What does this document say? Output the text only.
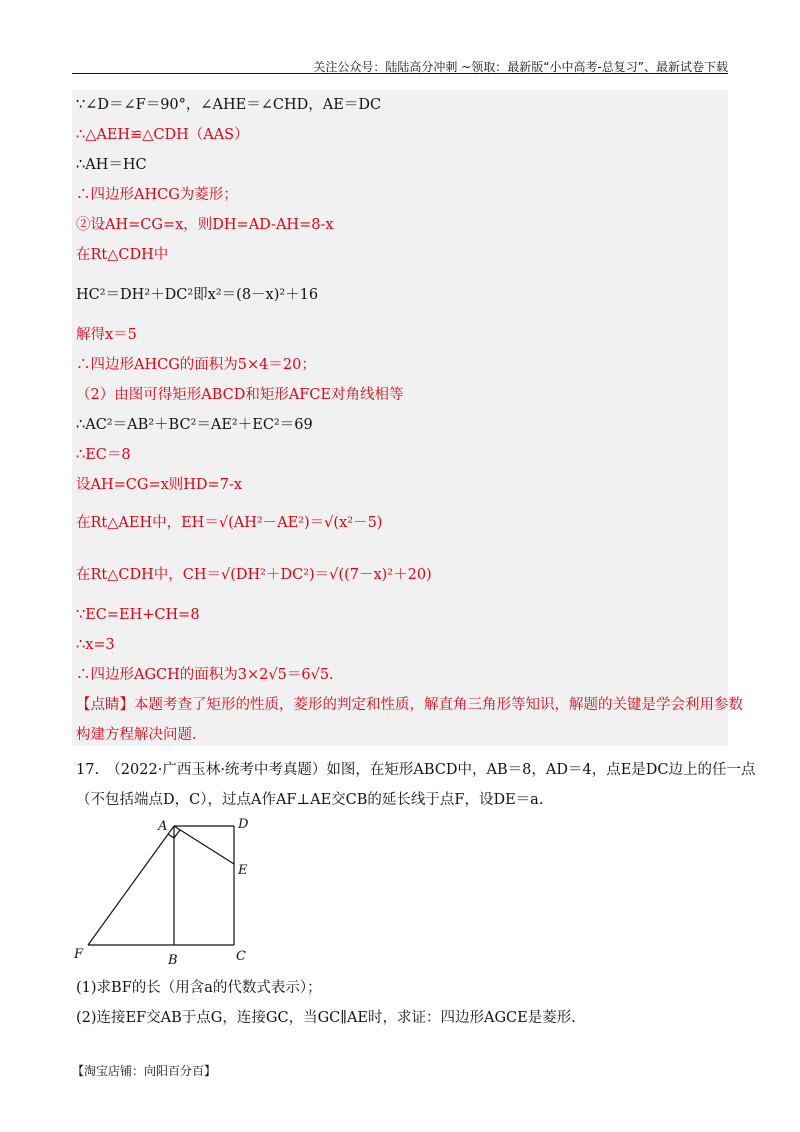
关注公众号：陆陆高分冲刺 ~领取：最新版“小中高考-总复习”、最新试卷下载
∵∠D＝∠F＝90°，∠AHE＝∠CHD，AE＝DC
∴△AEH≌△CDH（AAS）
∴AH＝HC
∴四边形AHCG为菱形；
②设AH=CG=x，则DH=AD-AH=8-x
在Rt△CDH中
HC²＝DH²＋DC²即x²＝(8－x)²＋16
解得x＝5
∴四边形AHCG的面积为5×4＝20；
（2）由图可得矩形ABCD和矩形AFCE对角线相等
∴AC²＝AB²＋BC²＝AE²＋EC²＝69
∴EC＝8
设AH=CG=x则HD=7-x
在Rt△AEH中，EH＝√(AH²－AE²)＝√(x²－5)
在Rt△CDH中，CH＝√(DH²＋DC²)＝√((7－x)²＋20)
∵EC=EH+CH=8
∴x=3
∴四边形AGCH的面积为3×2√5＝6√5.
【点睛】本题考查了矩形的性质，菱形的判定和性质，解直角三角形等知识，解题的关键是学会利用参数
构建方程解决问题.
17.　（2022·广西玉林·统考中考真题）如图，在矩形ABCD中，AB＝8，AD＝4，点E是DC边上的任一点
（不包括端点D，C），过点A作AF⊥AE交CB的延长线于点F，设DE＝a.
A	D
E
F	B	C
(1)求BF的长（用含a的代数式表示）；
(2)连接EF交AB于点G，连接GC，当GC∥AE时，求证：四边形AGCE是菱形.
【淘宝店铺：向阳百分百】
